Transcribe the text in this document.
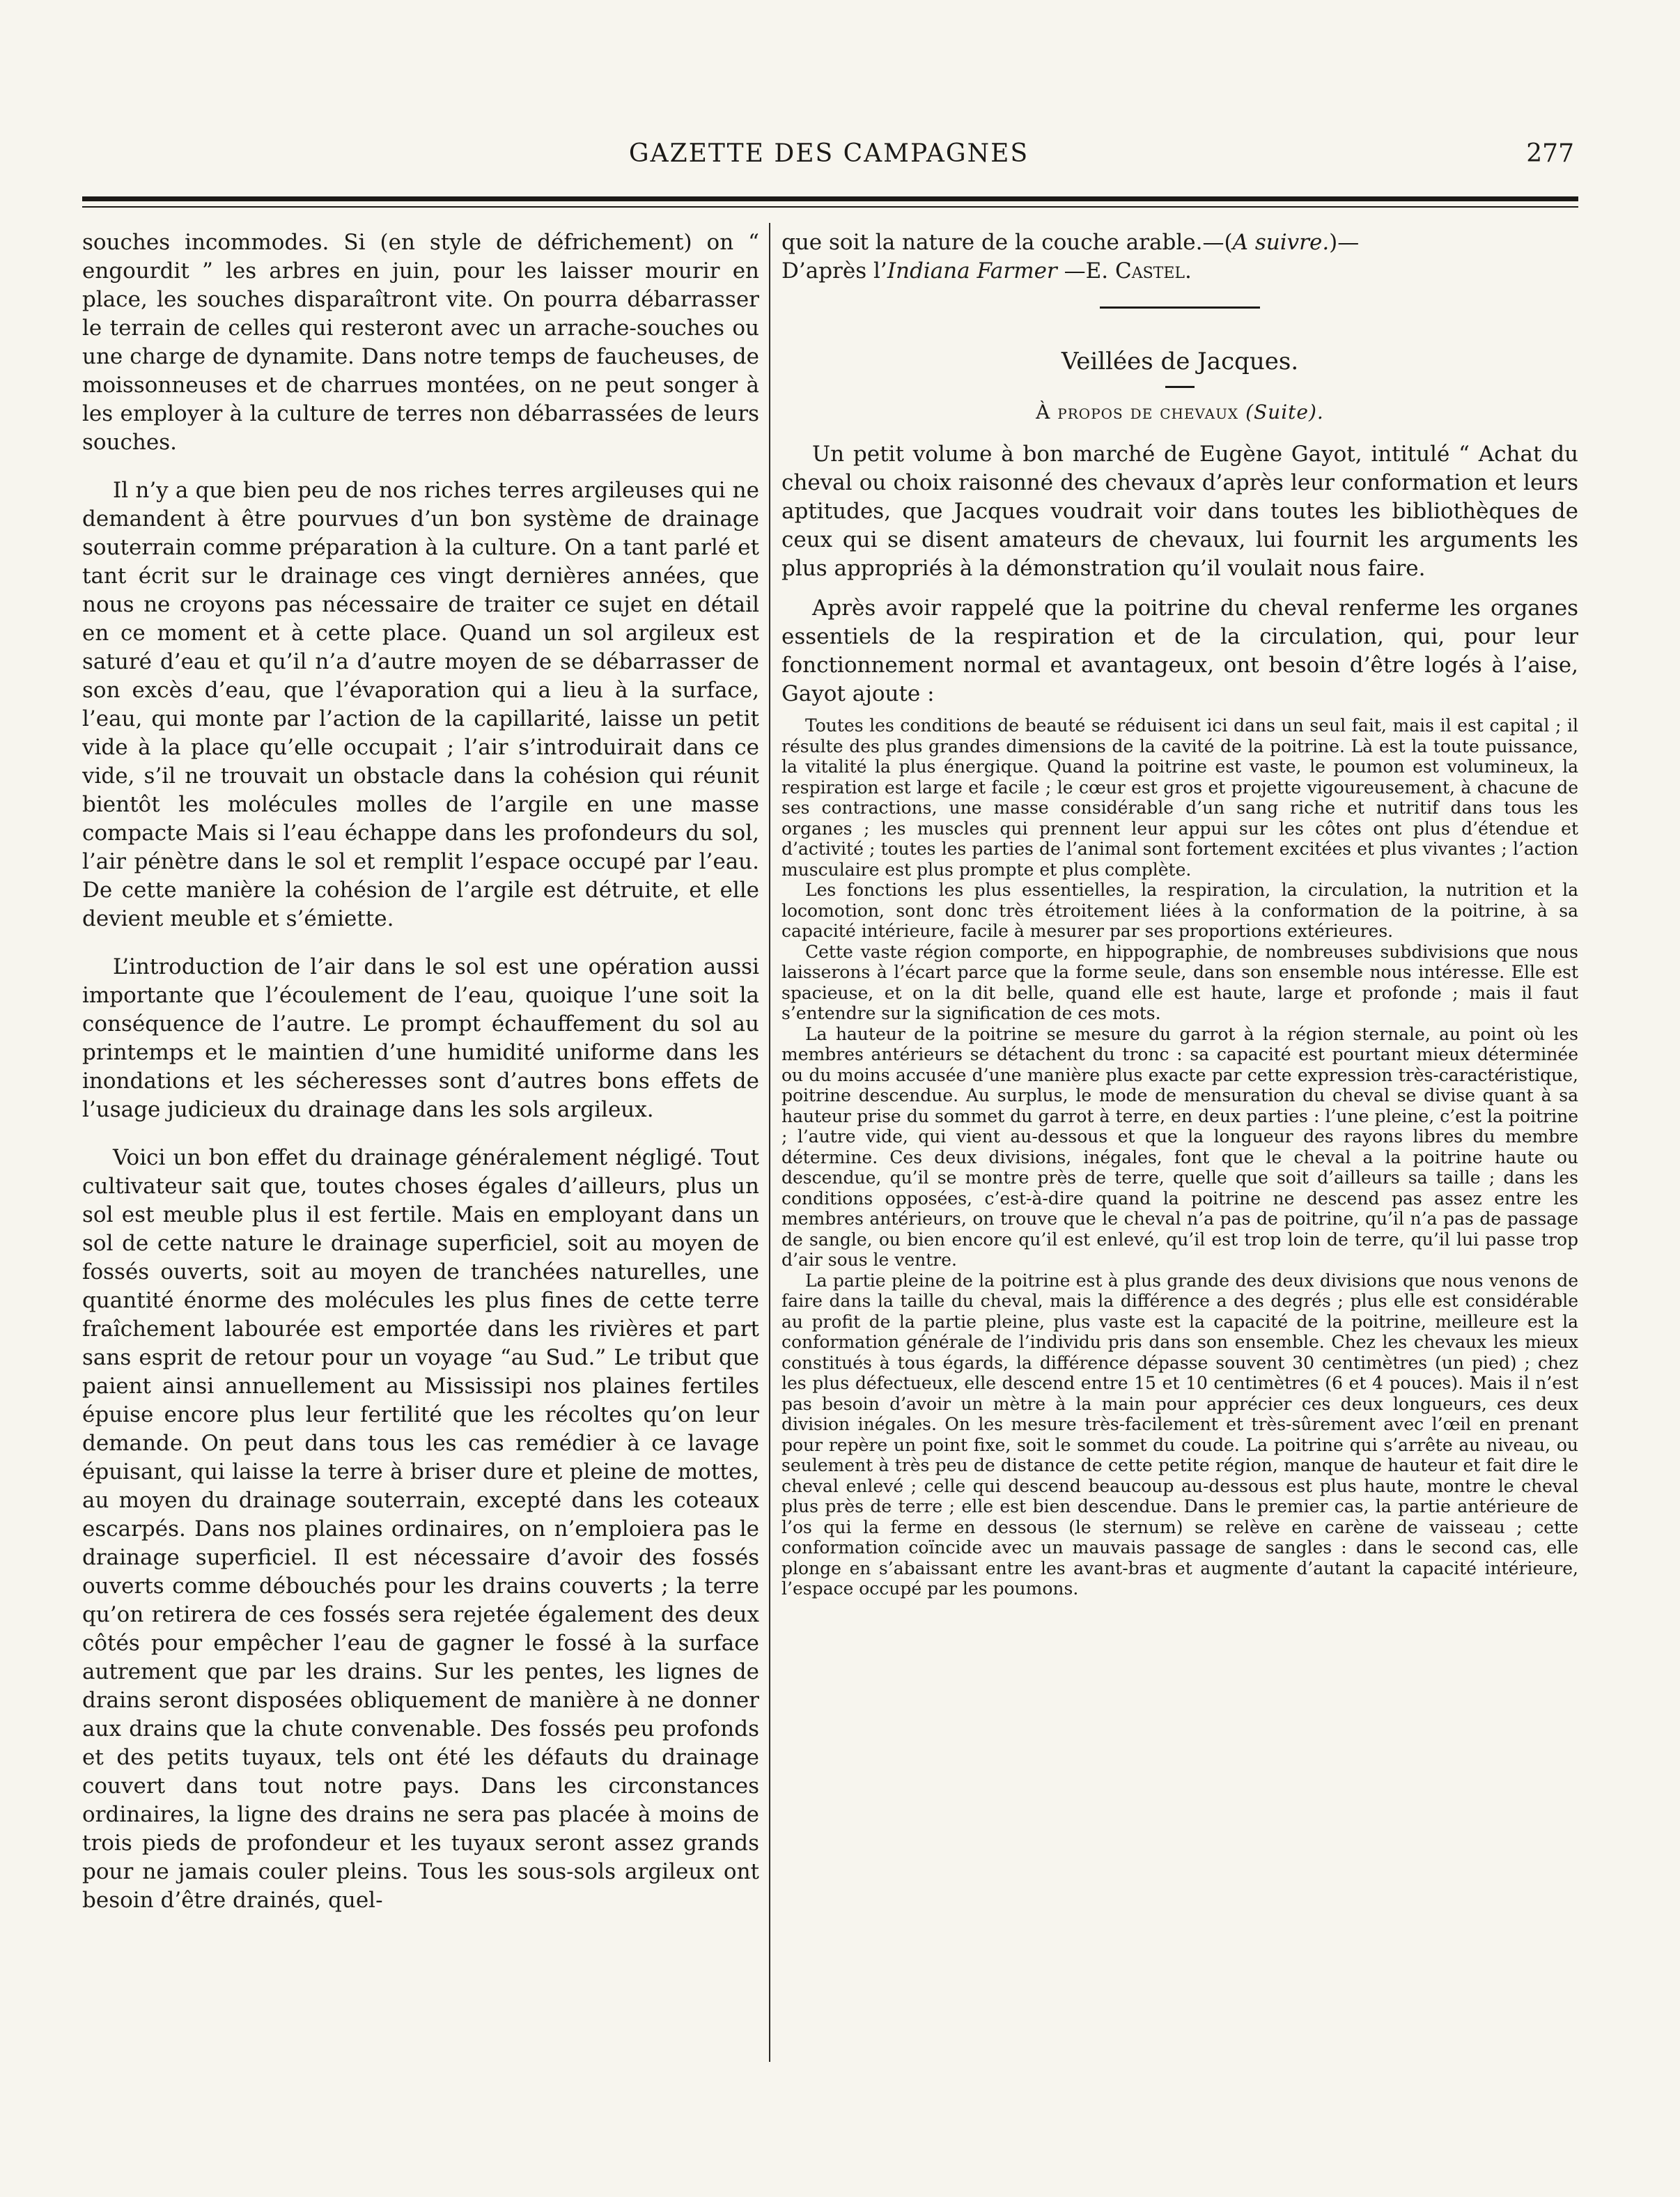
GAZETTE DES CAMPAGNES	277

souches incommodes. Si (en style de défrichement) on “ engourdit ” les arbres en juin, pour les laisser mourir en place, les souches disparaîtront vite. On pourra débarrasser le terrain de celles qui resteront avec un arrache-souches ou une charge de dynamite. Dans notre temps de faucheuses, de moissonneuses et de charrues montées, on ne peut songer à les employer à la culture de terres non débarrassées de leurs souches.

Il n’y a que bien peu de nos riches terres argileuses qui ne demandent à être pourvues d’un bon système de drainage souterrain comme préparation à la culture. On a tant parlé et tant écrit sur le drainage ces vingt dernières années, que nous ne croyons pas nécessaire de traiter ce sujet en détail en ce moment et à cette place. Quand un sol argileux est saturé d’eau et qu’il n’a d’autre moyen de se débarrasser de son excès d’eau, que l’évaporation qui a lieu à la surface, l’eau, qui monte par l’action de la capillarité, laisse un petit vide à la place qu’elle occupait ; l’air s’introduirait dans ce vide, s’il ne trouvait un obstacle dans la cohésion qui réunit bientôt les molécules molles de l’argile en une masse compacte Mais si l’eau échappe dans les profondeurs du sol, l’air pénètre dans le sol et remplit l’espace occupé par l’eau. De cette manière la cohésion de l’argile est détruite, et elle devient meuble et s’émiette.

L’introduction de l’air dans le sol est une opération aussi importante que l’écoulement de l’eau, quoique l’une soit la conséquence de l’autre. Le prompt échauffement du sol au printemps et le maintien d’une humidité uniforme dans les inondations et les sécheresses sont d’autres bons effets de l’usage judicieux du drainage dans les sols argileux.

Voici un bon effet du drainage généralement négligé. Tout cultivateur sait que, toutes choses égales d’ailleurs, plus un sol est meuble plus il est fertile. Mais en employant dans un sol de cette nature le drainage superficiel, soit au moyen de fossés ouverts, soit au moyen de tranchées naturelles, une quantité énorme des molécules les plus fines de cette terre fraîchement labourée est emportée dans les rivières et part sans esprit de retour pour un voyage “au Sud.” Le tribut que paient ainsi annuellement au Mississipi nos plaines fertiles épuise encore plus leur fertilité que les récoltes qu’on leur demande. On peut dans tous les cas remédier à ce lavage épuisant, qui laisse la terre à briser dure et pleine de mottes, au moyen du drainage souterrain, excepté dans les coteaux escarpés. Dans nos plaines ordinaires, on n’emploiera pas le drainage superficiel. Il est nécessaire d’avoir des fossés ouverts comme débouchés pour les drains couverts ; la terre qu’on retirera de ces fossés sera rejetée également des deux côtés pour empêcher l’eau de gagner le fossé à la surface autrement que par les drains. Sur les pentes, les lignes de drains seront disposées obliquement de manière à ne donner aux drains que la chute convenable. Des fossés peu profonds et des petits tuyaux, tels ont été les défauts du drainage couvert dans tout notre pays. Dans les circonstances ordinaires, la ligne des drains ne sera pas placée à moins de trois pieds de profondeur et les tuyaux seront assez grands pour ne jamais couler pleins. Tous les sous-sols argileux ont besoin d’être drainés, quel-

que soit la nature de la couche arable.—(A suivre.)—
D’après l’Indiana Farmer —E. Castel.

Veillées de Jacques.
À propos de chevaux (Suite).

Un petit volume à bon marché de Eugène Gayot, intitulé “ Achat du cheval ou choix raisonné des chevaux d’après leur conformation et leurs aptitudes, que Jacques voudrait voir dans toutes les bibliothèques de ceux qui se disent amateurs de chevaux, lui fournit les arguments les plus appropriés à la démonstration qu’il voulait nous faire.

Après avoir rappelé que la poitrine du cheval renferme les organes essentiels de la respiration et de la circulation, qui, pour leur fonctionnement normal et avantageux, ont besoin d’être logés à l’aise, Gayot ajoute :

Toutes les conditions de beauté se réduisent ici dans un seul fait, mais il est capital ; il résulte des plus grandes dimensions de la cavité de la poitrine. Là est la toute puissance, la vitalité la plus énergique. Quand la poitrine est vaste, le poumon est volumineux, la respiration est large et facile ; le cœur est gros et projette vigoureusement, à chacune de ses contractions, une masse considérable d’un sang riche et nutritif dans tous les organes ; les muscles qui prennent leur appui sur les côtes ont plus d’étendue et d’activité ; toutes les parties de l’animal sont fortement excitées et plus vivantes ; l’action musculaire est plus prompte et plus complète.

Les fonctions les plus essentielles, la respiration, la circulation, la nutrition et la locomotion, sont donc très étroitement liées à la conformation de la poitrine, à sa capacité intérieure, facile à mesurer par ses proportions extérieures.

Cette vaste région comporte, en hippographie, de nombreuses subdivisions que nous laisserons à l’écart parce que la forme seule, dans son ensemble nous intéresse. Elle est spacieuse, et on la dit belle, quand elle est haute, large et profonde ; mais il faut s’entendre sur la signification de ces mots.

La hauteur de la poitrine se mesure du garrot à la région sternale, au point où les membres antérieurs se détachent du tronc : sa capacité est pourtant mieux déterminée ou du moins accusée d’une manière plus exacte par cette expression très-caractéristique, poitrine descendue. Au surplus, le mode de mensuration du cheval se divise quant à sa hauteur prise du sommet du garrot à terre, en deux parties : l’une pleine, c’est la poitrine ; l’autre vide, qui vient au-dessous et que la longueur des rayons libres du membre détermine. Ces deux divisions, inégales, font que le cheval a la poitrine haute ou descendue, qu’il se montre près de terre, quelle que soit d’ailleurs sa taille ; dans les conditions opposées, c’est-à-dire quand la poitrine ne descend pas assez entre les membres antérieurs, on trouve que le cheval n’a pas de poitrine, qu’il n’a pas de passage de sangle, ou bien encore qu’il est enlevé, qu’il est trop loin de terre, qu’il lui passe trop d’air sous le ventre.

La partie pleine de la poitrine est à plus grande des deux divisions que nous venons de faire dans la taille du cheval, mais la différence a des degrés ; plus elle est considérable au profit de la partie pleine, plus vaste est la capacité de la poitrine, meilleure est la conformation générale de l’individu pris dans son ensemble. Chez les chevaux les mieux constitués à tous égards, la différence dépasse souvent 30 centimètres (un pied) ; chez les plus défectueux, elle descend entre 15 et 10 centimètres (6 et 4 pouces). Mais il n’est pas besoin d’avoir un mètre à la main pour apprécier ces deux longueurs, ces deux division inégales. On les mesure très-facilement et très-sûrement avec l’œil en prenant pour repère un point fixe, soit le sommet du coude. La poitrine qui s’arrête au niveau, ou seulement à très peu de distance de cette petite région, manque de hauteur et fait dire le cheval enlevé ; celle qui descend beaucoup au-dessous est plus haute, montre le cheval plus près de terre ; elle est bien descendue. Dans le premier cas, la partie antérieure de l’os qui la ferme en dessous (le sternum) se relève en carène de vaisseau ; cette conformation coïncide avec un mauvais passage de sangles : dans le second cas, elle plonge en s’abaissant entre les avant-bras et augmente d’autant la capacité intérieure, l’espace occupé par les poumons.
